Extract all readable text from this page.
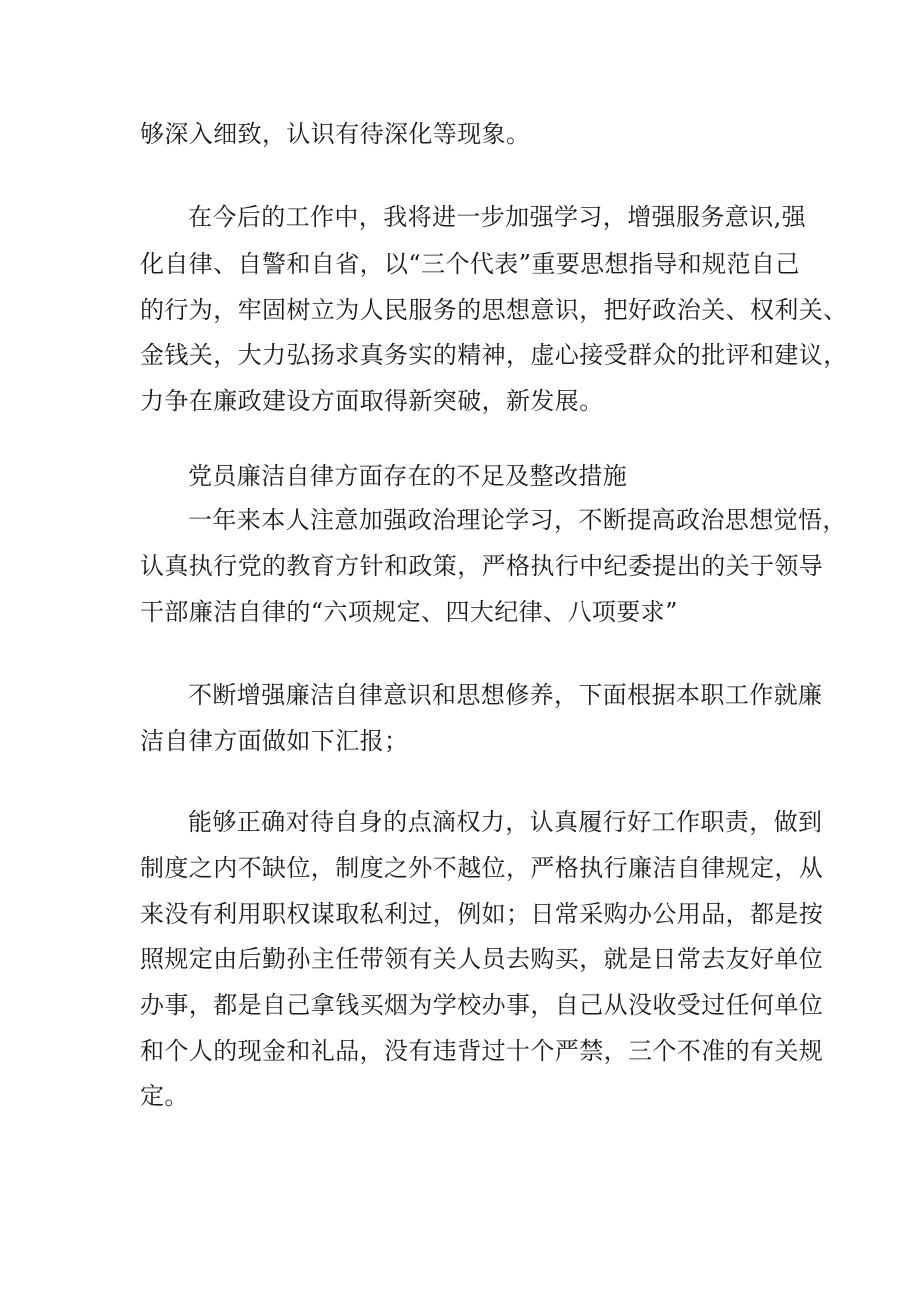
够深入细致，认识有待深化等现象。

在今后的工作中，我将进一步加强学习，增强服务意识,强

化自律、自警和自省，以“三个代表”重要思想指导和规范自己

的行为，牢固树立为人民服务的思想意识，把好政治关、权利关、

金钱关，大力弘扬求真务实的精神，虚心接受群众的批评和建议，

力争在廉政建设方面取得新突破，新发展。

党员廉洁自律方面存在的不足及整改措施

一年来本人注意加强政治理论学习，不断提高政治思想觉悟，

认真执行党的教育方针和政策，严格执行中纪委提出的关于领导

干部廉洁自律的“六项规定、四大纪律、八项要求”

不断增强廉洁自律意识和思想修养，下面根据本职工作就廉

洁自律方面做如下汇报；

能够正确对待自身的点滴权力，认真履行好工作职责，做到

制度之内不缺位，制度之外不越位，严格执行廉洁自律规定，从

来没有利用职权谋取私利过，例如；日常采购办公用品，都是按

照规定由后勤孙主任带领有关人员去购买，就是日常去友好单位

办事，都是自己拿钱买烟为学校办事，自己从没收受过任何单位

和个人的现金和礼品，没有违背过十个严禁，三个不准的有关规

定。
